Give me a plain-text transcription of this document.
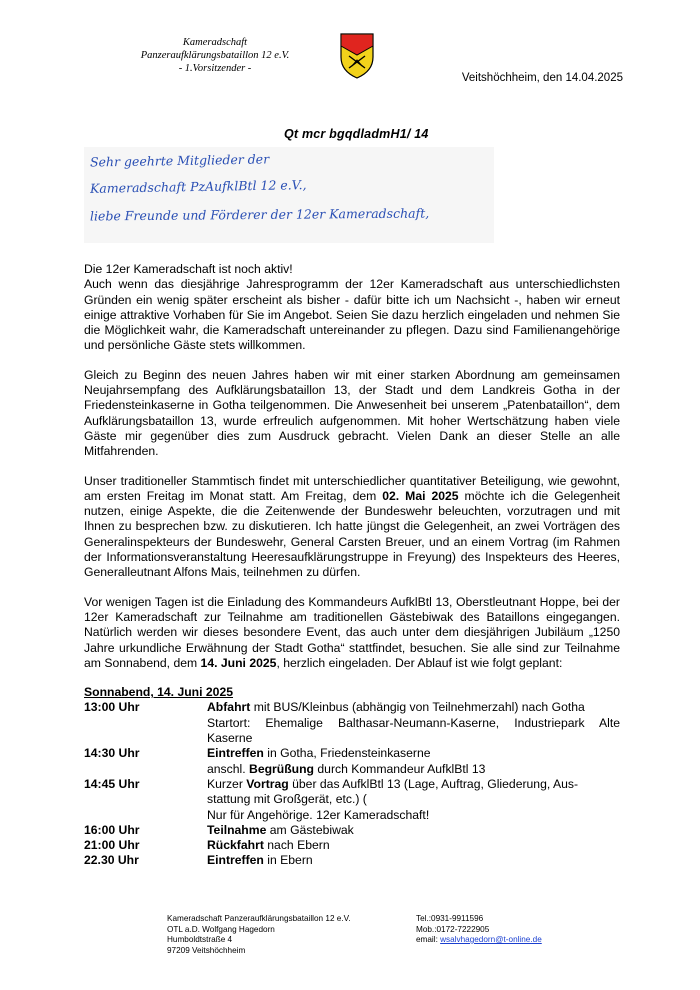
Kameradschaft
Panzeraufklärungsbataillon 12 e.V.
- 1.Vorsitzender -
Veitshöchheim, den 14.04.2025
Qt mcr bgqdladmH1/ 14
Sehr geehrte Mitglieder der
Kameradschaft PzAufklBtl 12 e.V.,
liebe Freunde und Förderer der 12er Kameradschaft,

Die 12er Kameradschaft ist noch aktiv!
Auch wenn das diesjährige Jahresprogramm der 12er Kameradschaft aus unterschiedlichsten Gründen ein wenig später erscheint als bisher - dafür bitte ich um Nachsicht -, haben wir erneut einige attraktive Vorhaben für Sie im Angebot. Seien Sie dazu herzlich eingeladen und nehmen Sie die Möglichkeit wahr, die Kameradschaft untereinander zu pflegen. Dazu sind Familienangehörige und persönliche Gäste stets willkommen.

Gleich zu Beginn des neuen Jahres haben wir mit einer starken Abordnung am gemeinsamen Neujahrsempfang des Aufklärungsbataillon 13, der Stadt und dem Landkreis Gotha in der Friedensteinkaserne in Gotha teilgenommen. Die Anwesenheit bei unserem „Patenbataillon“, dem Aufklärungsbataillon 13, wurde erfreulich aufgenommen. Mit hoher Wertschätzung haben viele Gäste mir gegenüber dies zum Ausdruck gebracht. Vielen Dank an dieser Stelle an alle Mitfahrenden.

Unser traditioneller Stammtisch findet mit unterschiedlicher quantitativer Beteiligung, wie gewohnt, am ersten Freitag im Monat statt. Am Freitag, dem 02. Mai 2025 möchte ich die Gelegenheit nutzen, einige Aspekte, die die Zeitenwende der Bundeswehr beleuchten, vorzutragen und mit Ihnen zu besprechen bzw. zu diskutieren. Ich hatte jüngst die Gelegenheit, an zwei Vorträgen des Generalinspekteurs der Bundeswehr, General Carsten Breuer, und an einem Vortrag (im Rahmen der Informationsveranstaltung Heeresaufklärungstruppe in Freyung) des Inspekteurs des Heeres, Generalleutnant Alfons Mais, teilnehmen zu dürfen.

Vor wenigen Tagen ist die Einladung des Kommandeurs AufklBtl 13, Oberstleutnant Hoppe, bei der 12er Kameradschaft zur Teilnahme am traditionellen Gästebiwak des Bataillons eingegangen. Natürlich werden wir dieses besondere Event, das auch unter dem diesjährigen Jubiläum „1250 Jahre urkundliche Erwähnung der Stadt Gotha“ stattfindet, besuchen. Sie alle sind zur Teilnahme am Sonnabend, dem 14. Juni 2025, herzlich eingeladen. Der Ablauf ist wie folgt geplant:

Sonnabend, 14. Juni 2025
13:00 Uhr	Abfahrt mit BUS/Kleinbus (abhängig von Teilnehmerzahl) nach Gotha
Startort: Ehemalige Balthasar-Neumann-Kaserne, Industriepark Alte
Kaserne
14:30 Uhr	Eintreffen in Gotha, Friedensteinkaserne
anschl. Begrüßung durch Kommandeur AufklBtl 13
14:45 Uhr	Kurzer Vortrag über das AufklBtl 13 (Lage, Auftrag, Gliederung, Aus-
stattung mit Großgerät, etc.) (
Nur für Angehörige. 12er Kameradschaft!
16:00 Uhr	Teilnahme am Gästebiwak
21:00 Uhr	Rückfahrt nach Ebern
22.30 Uhr	Eintreffen in Ebern
Kameradschaft Panzeraufklärungsbataillon 12 e.V.
OTL a.D. Wolfgang Hagedorn
Humboldtstraße 4
97209 Veitshöchheim
Tel.:0931-9911596
Mob.:0172-7222905
email: wsalvhagedorn@t-online.de
